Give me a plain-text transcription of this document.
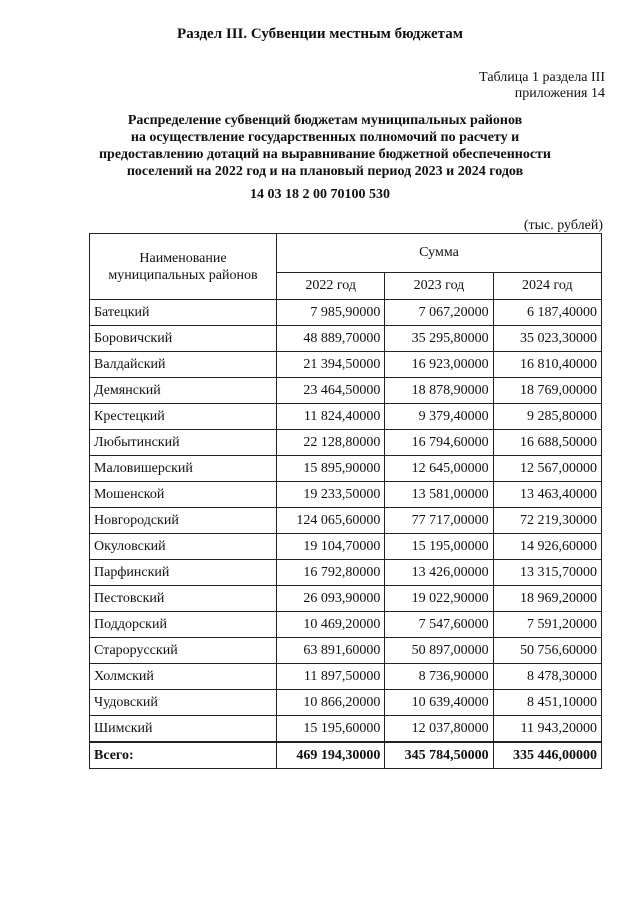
Раздел III. Субвенции местным бюджетам
Таблица 1 раздела III
приложения 14
Распределение субвенций бюджетам муниципальных районов
на осуществление государственных полномочий по расчету и
предоставлению дотаций на выравнивание бюджетной обеспеченности
поселений на 2022 год и на плановый период 2023 и 2024 годов
14 03 18 2 00 70100 530
(тыс. рублей)
Наименование муниципальных районов	Сумма		
	2022 год	2023 год	2024 год
Батецкий	7 985,90000	7 067,20000	6 187,40000
Боровичский	48 889,70000	35 295,80000	35 023,30000
Валдайский	21 394,50000	16 923,00000	16 810,40000
Демянский	23 464,50000	18 878,90000	18 769,00000
Крестецкий	11 824,40000	9 379,40000	9 285,80000
Любытинский	22 128,80000	16 794,60000	16 688,50000
Маловишерский	15 895,90000	12 645,00000	12 567,00000
Мошенской	19 233,50000	13 581,00000	13 463,40000
Новгородский	124 065,60000	77 717,00000	72 219,30000
Окуловский	19 104,70000	15 195,00000	14 926,60000
Парфинский	16 792,80000	13 426,00000	13 315,70000
Пестовский	26 093,90000	19 022,90000	18 969,20000
Поддорский	10 469,20000	7 547,60000	7 591,20000
Старорусский	63 891,60000	50 897,00000	50 756,60000
Холмский	11 897,50000	8 736,90000	8 478,30000
Чудовский	10 866,20000	10 639,40000	8 451,10000
Шимский	15 195,60000	12 037,80000	11 943,20000
Всего:	469 194,30000	345 784,50000	335 446,00000
